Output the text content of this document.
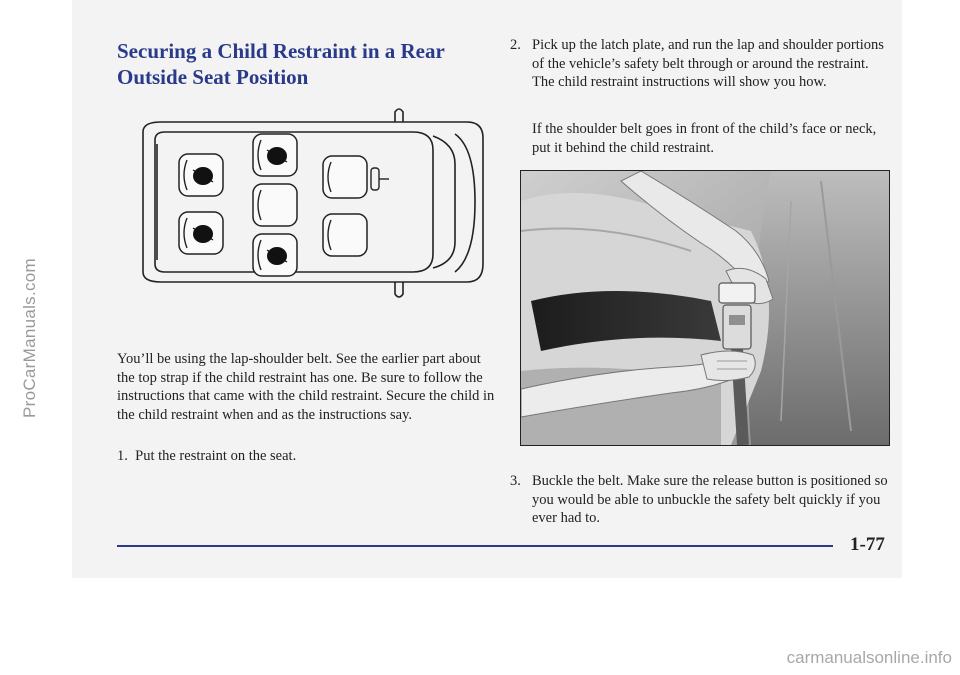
ProCarManuals.com
Securing a Child Restraint in a Rear Outside Seat Position

You’ll be using the lap-shoulder belt. See the earlier part about the top strap if the child restraint has one. Be sure to follow the instructions that came with the child restraint. Secure the child in the child restraint when and as the instructions say.

1. Put the restraint on the seat.

2. Pick up the latch plate, and run the lap and shoulder portions of the vehicle’s safety belt through or around the restraint. The child restraint instructions will show you how.

If the shoulder belt goes in front of the child’s face or neck, put it behind the child restraint.

3. Buckle the belt. Make sure the release button is positioned so you would be able to unbuckle the safety belt quickly if you ever had to.
1-77
carmanualsonline.info
